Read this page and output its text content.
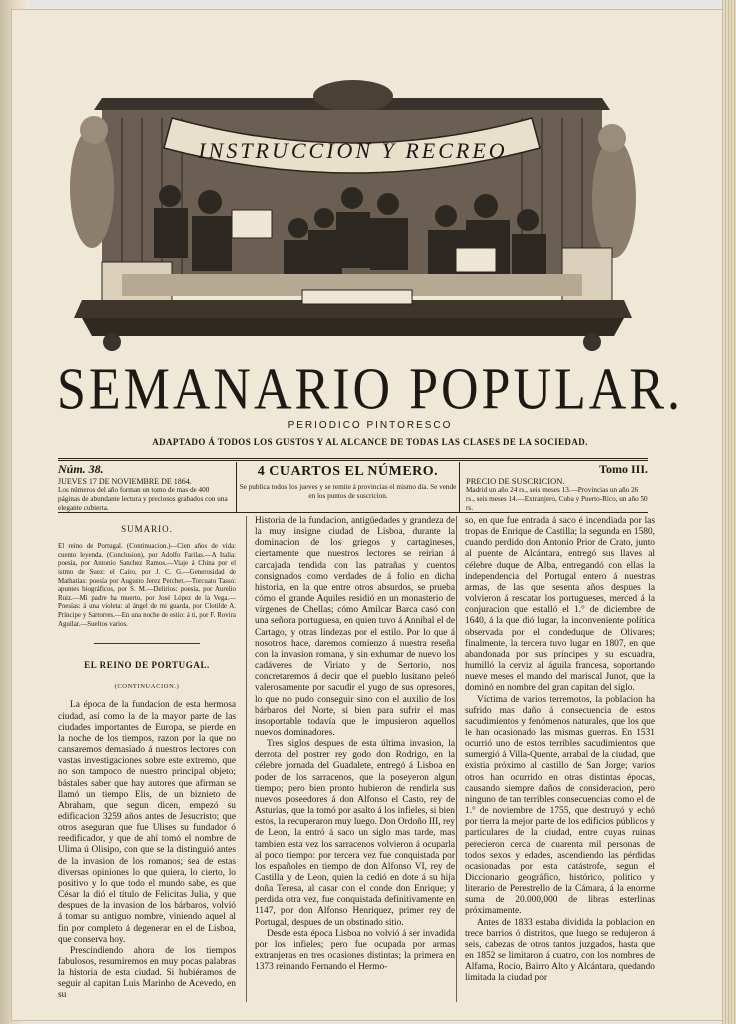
INSTRUCCION Y RECREO
SEMANARIO POPULAR.
PERIODICO PINTORESCO
ADAPTADO Á TODOS LOS GUSTOS Y AL ALCANCE DE TODAS LAS CLASES DE LA SOCIEDAD.
Núm. 38.
JUEVES 17 DE NOVIEMBRE DE 1864.
Los números del año forman un tomo de mas de 400 páginas de abundante lectura y preciosos grabados con una elegante cubierta.
4 CUARTOS EL NÚMERO.
Se publica todos los jueves y se remite á provincias el mismo dia. Se vende en los puntos de suscricion.
Tomo III.
PRECIO DE SUSCRICION.
Madrid un año 24 rs., seis meses 13.—Provincias un año 26 rs., seis meses 14.—Extranjero, Cuba y Puerto-Rico, un año 50 rs.
SUMARIO.
El reino de Portugal. (Continuacion.)—Cien años de vida: cuento leyenda. (Conclusion), por Adolfo Farilas.—A Italia: poesía, por Antonio Sanchez Ramos.—Viaje á China por el istmo de Suez: el Cairo, por J. C. G.—Generosidad de Mathatías: poesía por Augusto Jerez Perchet.—Torcuato Tasso: apuntes biográficos, por S. M.—Delirios: poesía, por Aurelio Ruiz.—Mi padre ha muerto, por José López de la Vega.—Poesías: á una violeta: al ángel de mi guarda, por Clotilde A. Príncipe y Sartorres.—En una noche de estío: á ti, por F. Rovira Aguilar.—Sueltos varios.
EL REINO DE PORTUGAL.
(CONTINUACION.)

La época de la fundacion de esta hermosa ciudad, así como la de la mayor parte de las ciudades importantes de Europa, se pierde en la noche de los tiempos, razon por la que no cansaremos demasiado á nuestros lectores con vastas investigaciones sobre este extremo, que no son tampoco de nuestro principal objeto; bástales saber que hay autores que afirman se llamó un tiempo Elis, de un biznieto de Abraham, que segun dicen, empezó su edificacion 3259 años antes de Jesucristo; que otros aseguran que fue Ulises su fundador ó reedificador, y que de ahí tomó el nombre de Ulima ú Olisipo, con que se la distinguió antes de la invasion de los romanos; sea de estas diversas opiniones lo que quiera, lo cierto, lo positivo y lo que todo el mundo sabe, es que César la dió el título de Felicitas Julia, y que despues de la invasion de los bárbaros, volvió á tomar su antiguo nombre, viniendo aquel al fin por completo á degenerar en el de Lisboa, que conserva hoy.

Prescindiendo ahora de los tiempos fabulosos, resumiremos en muy pocas palabras la historia de esta ciudad. Si hubiéramos de seguir al capitan Luis Marinho de Acevedo, en su

Historia de la fundacion, antigüedades y grandeza de la muy insigne ciudad de Lisboa, durante la dominacion de los griegos y cartagineses, ciertamente que nuestros lectores se reirian á carcajada tendida con las patrañas y cuentos consignados como verdades de á folio en dicha historia, en la que entre otros absurdos, se prueba cómo el grande Aquiles residió en un monasterio de vírgenes de Chellas; cómo Amilcar Barca casó con una señora portuguesa, en quien tuvo á Annibal el de Cartago, y otras lindezas por el estilo. Por lo que á nosotros hace, daremos comienzo á nuestra reseña con la invasion romana, y sin exhumar de nuevo los cadáveres de Viriato y de Sertorio, nos concretaremos á decir que el pueblo lusitano peleó valerosamente por sacudir el yugo de sus opresores, lo que no pudo conseguir sino con el auxilio de los bárbaros del Norte, si bien para sufrir el mas insoportable todavía que le impusieron aquellos nuevos dominadores.

Tres siglos despues de esta última invasion, la derrota del postrer rey godo don Rodrigo, en la célebre jornada del Guadalete, entregó á Lisboa en poder de los sarracenos, que la poseyeron algun tiempo; pero bien pronto hubieron de rendirla sus nuevos poseedores á don Alfonso el Casto, rey de Asturias, que la tomó por asalto á los infieles, si bien estos, la recuperaron muy luego. Don Ordoño III, rey de Leon, la entró á saco un siglo mas tarde, mas tambien esta vez los sarracenos volvieron á ocuparla al poco tiempo: por tercera vez fue conquistada por los españoles en tiempo de don Alfonso VI, rey de Castilla y de Leon, quien la cedió en dote á su hija doña Teresa, al casar con el conde don Enrique; y perdida otra vez, fue conquistada definitivamente en 1147, por don Alfonso Henriquez, primer rey de Portugal, despues de un obstinado sitio.

Desde esta época Lisboa no volvió á ser invadida por los infieles; pero fue ocupada por armas extranjeras en tres ocasiones distintas; la primera en 1373 reinando Fernando el Hermo-

so, en que fue entrada á saco é incendiada por las tropas de Enrique de Castilla; la segunda en 1580, cuando perdido don Antonio Prior de Crato, junto al puente de Alcántara, entregó sus llaves al célebre duque de Alba, entregandó con ellas la independencia del Portugal entero á nuestras armas, de las que sesenta años despues la volvieron á rescatar los portugueses, merced á la conjuracion que estalló el 1.° de diciembre de 1640, á la que dió lugar, la inconveniente política observada por el condeduque de Olivares; finalmente, la tercera tuvo lugar en 1807, en que abandonada por sus príncipes y su escuadra, humilló la cerviz al águila francesa, soportando nueve meses el mando del mariscal Junot, que la dominó en nombre del gran capitan del siglo.

Víctima de varios terremotos, la poblacion ha sufrido mas daño á consecuencia de estos sacudimientos y fenómenos naturales, que los que le han ocasionado las mismas guerras. En 1531 ocurrió uno de estos terribles sacudimientos que sumergió á Villa-Quente, arrabal de la ciudad, que existia próximo al castillo de San Jorge; varios otros han ocurrido en otras distintas épocas, causando siempre daños de consideracion, pero ninguno de tan terribles consecuencias como el de 1.° de noviembre de 1755, que destruyó y echó por tierra la mejor parte de los edificios públicos y particulares de la ciudad, entre cuyas ruinas perecieron cerca de cuarenta mil personas de todos sexos y edades, ascendiendo las pérdidas ocasionadas por esta catástrofe, segun el Diccionario geográfico, histórico, político y literario de Perestrello de la Cámara, á la enorme suma de 20.000,000 de libras esterlinas próximamente.

Antes de 1833 estaba dividida la poblacion en trece barrios ó distritos, que luego se redujeron á seis, cabezas de otros tantos juzgados, hasta que en 1852 se limitaron á cuatro, con los nombres de Alfama, Rocio, Bairro Alto y Alcántara, quedando limitada la ciudad por
